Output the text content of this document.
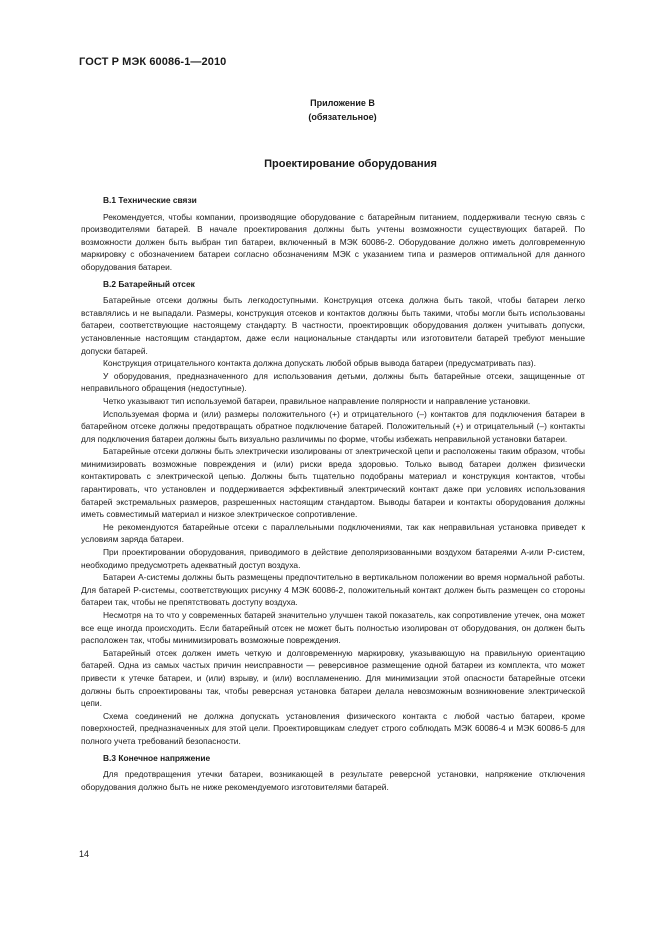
ГОСТ Р МЭК 60086-1—2010
Приложение В
(обязательное)
Проектирование оборудования
В.1 Технические связи

Рекомендуется, чтобы компании, производящие оборудование с батарейным питанием, поддерживали тесную связь с производителями батарей. В начале проектирования должны быть учтены возможности существующих батарей. По возможности должен быть выбран тип батареи, включенный в МЭК 60086-2. Оборудование должно иметь долговременную маркировку с обозначением батареи согласно обозначениям МЭК с указанием типа и размеров оптимальной для данного оборудования батареи.

В.2 Батарейный отсек

Батарейные отсеки должны быть легкодоступными. Конструкция отсека должна быть такой, чтобы батареи легко вставлялись и не выпадали. Размеры, конструкция отсеков и контактов должны быть такими, чтобы могли быть использованы батареи, соответствующие настоящему стандарту. В частности, проектировщик оборудования должен учитывать допуски, установленные настоящим стандартом, даже если национальные стандарты или изготовители батарей требуют меньшие допуски батарей.

Конструкция отрицательного контакта должна допускать любой обрыв вывода батареи (предусматривать паз).

У оборудования, предназначенного для использования детьми, должны быть батарейные отсеки, защищенные от неправильного обращения (недоступные).

Четко указывают тип используемой батареи, правильное направление полярности и направление установки.

Используемая форма и (или) размеры положительного (+) и отрицательного (–) контактов для подключения батареи в батарейном отсеке должны предотвращать обратное подключение батарей. Положительный (+) и отрицательный (–) контакты для подключения батареи должны быть визуально различимы по форме, чтобы избежать неправильной установки батареи.

Батарейные отсеки должны быть электрически изолированы от электрической цепи и расположены таким образом, чтобы минимизировать возможные повреждения и (или) риски вреда здоровью. Только вывод батареи должен физически контактировать с электрической цепью. Должны быть тщательно подобраны материал и конструкция контактов, чтобы гарантировать, что установлен и поддерживается эффективный электрический контакт даже при условиях использования батарей экстремальных размеров, разрешенных настоящим стандартом. Выводы батареи и контакты оборудования должны иметь совместимый материал и низкое электрическое сопротивление.

Не рекомендуются батарейные отсеки с параллельными подключениями, так как неправильная установка приведет к условиям заряда батареи.

При проектировании оборудования, приводимого в действие деполяризованными воздухом батареями А-или Р-систем, необходимо предусмотреть адекватный доступ воздуха.

Батареи А-системы должны быть размещены предпочтительно в вертикальном положении во время нормальной работы. Для батарей Р-системы, соответствующих рисунку 4 МЭК 60086-2, положительный контакт должен быть размещен со стороны батареи так, чтобы не препятствовать доступу воздуха.

Несмотря на то что у современных батарей значительно улучшен такой показатель, как сопротивление утечек, она может все еще иногда происходить. Если батарейный отсек не может быть полностью изолирован от оборудования, он должен быть расположен так, чтобы минимизировать возможные повреждения.

Батарейный отсек должен иметь четкую и долговременную маркировку, указывающую на правильную ориентацию батарей. Одна из самых частых причин неисправности — реверсивное размещение одной батареи из комплекта, что может привести к утечке батареи, и (или) взрыву, и (или) воспламенению. Для минимизации этой опасности батарейные отсеки должны быть спроектированы так, чтобы реверсная установка батареи делала невозможным возникновение электрической цепи.

Схема соединений не должна допускать установления физического контакта с любой частью батареи, кроме поверхностей, предназначенных для этой цели. Проектировщикам следует строго соблюдать МЭК 60086-4 и МЭК 60086-5 для полного учета требований безопасности.

В.3 Конечное напряжение

Для предотвращения утечки батареи, возникающей в результате реверсной установки, напряжение отключения оборудования должно быть не ниже рекомендуемого изготовителями батарей.

14
